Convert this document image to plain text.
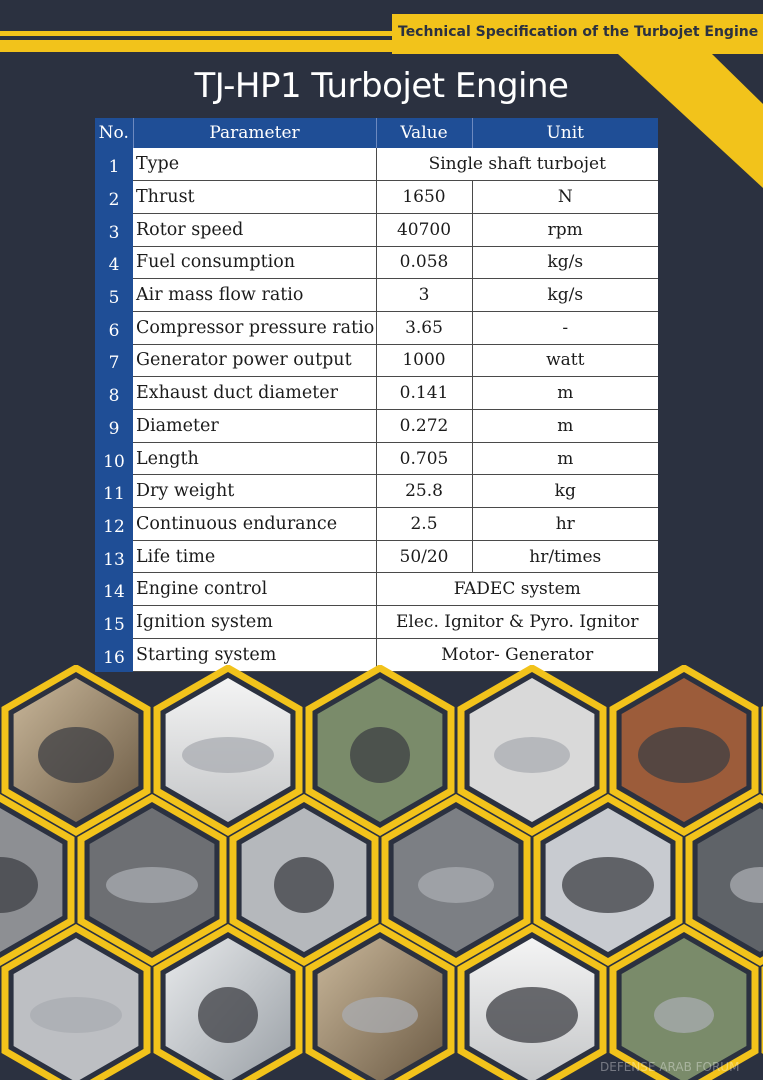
Technical Specification of the Turbojet Engine
TJ-HP1 Turbojet Engine
No.	Parameter	Value	Unit
1	Type	Single shaft turbojet	
2	Thrust	1650	N
3	Rotor speed	40700	rpm
4	Fuel consumption	0.058	kg/s
5	Air mass flow ratio	3	kg/s
6	Compressor pressure ratio	3.65	-
7	Generator power output	1000	watt
8	Exhaust duct diameter	0.141	m
9	Diameter	0.272	m
10	Length	0.705	m
11	Dry weight	25.8	kg
12	Continuous endurance	2.5	hr
13	Life time	50/20	hr/times
14	Engine control	FADEC system	
15	Ignition system	Elec. Ignitor & Pyro. Ignitor	
16	Starting system	Motor- Generator	
DEFENSE ARAB FORUM
